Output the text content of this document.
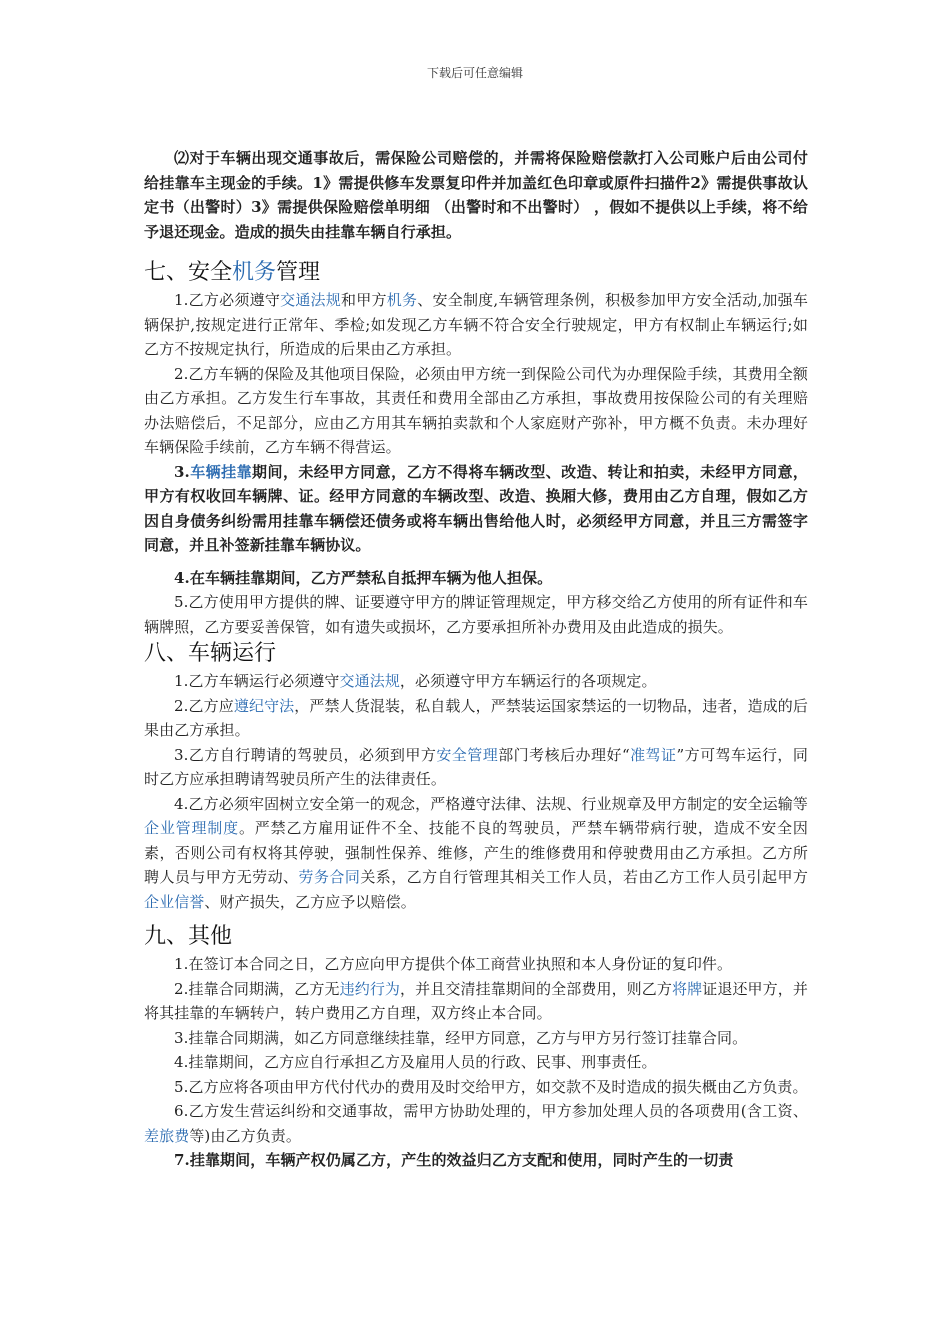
下载后可任意编辑

⑵对于车辆出现交通事故后，需保险公司赔偿的，并需将保险赔偿款打入公司账户后由公司付给挂靠车主现金的手续。1》需提供修车发票复印件并加盖红色印章或原件扫描件2》需提供事故认定书（出警时）3》需提供保险赔偿单明细 （出警时和不出警时） ，假如不提供以上手续，将不给予退还现金。造成的损失由挂靠车辆自行承担。

七、安全机务管理

1.乙方必须遵守交通法规和甲方机务、安全制度,车辆管理条例，积极参加甲方安全活动,加强车辆保护,按规定进行正常年、季检;如发现乙方车辆不符合安全行驶规定，甲方有权制止车辆运行;如乙方不按规定执行，所造成的后果由乙方承担。

2.乙方车辆的保险及其他项目保险，必须由甲方统一到保险公司代为办理保险手续，其费用全额由乙方承担。乙方发生行车事故，其责任和费用全部由乙方承担，事故费用按保险公司的有关理赔办法赔偿后，不足部分，应由乙方用其车辆拍卖款和个人家庭财产弥补，甲方概不负责。未办理好车辆保险手续前，乙方车辆不得营运。

3.车辆挂靠期间，未经甲方同意，乙方不得将车辆改型、改造、转让和拍卖，未经甲方同意，甲方有权收回车辆牌、证。经甲方同意的车辆改型、改造、换厢大修，费用由乙方自理，假如乙方因自身债务纠纷需用挂靠车辆偿还债务或将车辆出售给他人时，必须经甲方同意，并且三方需签字同意，并且补签新挂靠车辆协议。

4.在车辆挂靠期间，乙方严禁私自抵押车辆为他人担保。

5.乙方使用甲方提供的牌、证要遵守甲方的牌证管理规定，甲方移交给乙方使用的所有证件和车辆牌照，乙方要妥善保管，如有遗失或损坏，乙方要承担所补办费用及由此造成的损失。

八、车辆运行

1.乙方车辆运行必须遵守交通法规，必须遵守甲方车辆运行的各项规定。

2.乙方应遵纪守法，严禁人货混装，私自载人，严禁装运国家禁运的一切物品，违者，造成的后果由乙方承担。

3.乙方自行聘请的驾驶员，必须到甲方安全管理部门考核后办理好“准驾证”方可驾车运行，同时乙方应承担聘请驾驶员所产生的法律责任。

4.乙方必须牢固树立安全第一的观念，严格遵守法律、法规、行业规章及甲方制定的安全运输等企业管理制度。严禁乙方雇用证件不全、技能不良的驾驶员，严禁车辆带病行驶，造成不安全因素，否则公司有权将其停驶，强制性保养、维修，产生的维修费用和停驶费用由乙方承担。乙方所聘人员与甲方无劳动、劳务合同关系，乙方自行管理其相关工作人员，若由乙方工作人员引起甲方企业信誉、财产损失，乙方应予以赔偿。

九、其他

1.在签订本合同之日，乙方应向甲方提供个体工商营业执照和本人身份证的复印件。

2.挂靠合同期满，乙方无违约行为，并且交清挂靠期间的全部费用，则乙方将牌证退还甲方，并将其挂靠的车辆转户，转户费用乙方自理，双方终止本合同。

3.挂靠合同期满，如乙方同意继续挂靠，经甲方同意，乙方与甲方另行签订挂靠合同。

4.挂靠期间，乙方应自行承担乙方及雇用人员的行政、民事、刑事责任。

5.乙方应将各项由甲方代付代办的费用及时交给甲方，如交款不及时造成的损失概由乙方负责。

6.乙方发生营运纠纷和交通事故，需甲方协助处理的，甲方参加处理人员的各项费用(含工资、差旅费等)由乙方负责。

7.挂靠期间，车辆产权仍属乙方，产生的效益归乙方支配和使用，同时产生的一切责
